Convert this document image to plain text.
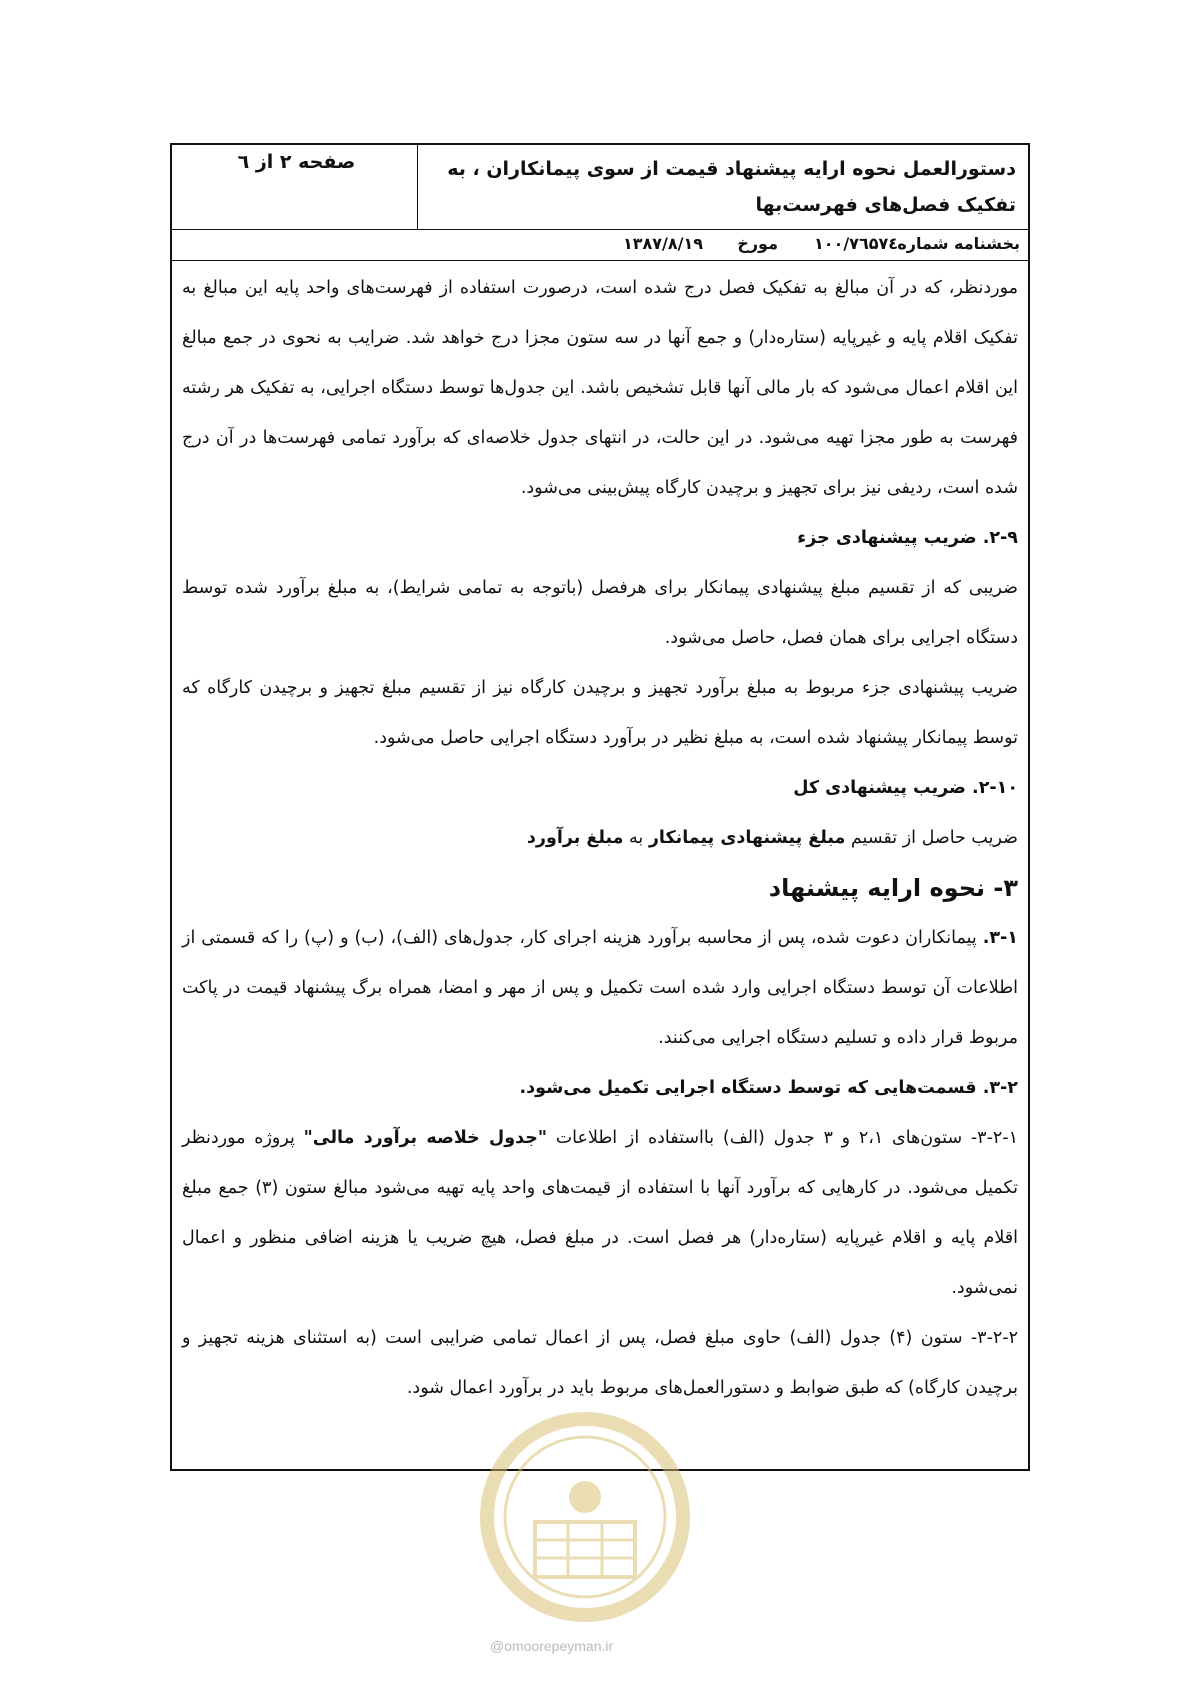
دستورالعمل نحوه ارایه پیشنهاد قیمت از سوی پیمانکاران ، به تفکیک فصل‌های فهرست‌بها
صفحه ۲ از ٦
بخشنامه شماره
۱۰۰/۷٦۵۷٤
مورخ
۱۳۸۷/۸/۱۹

موردنظر، که در آن مبالغ به تفکیک فصل درج شده است، درصورت استفاده از فهرست‌های واحد پایه این مبالغ به تفکیک اقلام پایه و غیرپایه (ستاره‌دار) و جمع آنها در سه ستون مجزا درج خواهد شد. ضرایب به نحوی در جمع مبالغ این اقلام اعمال می‌شود که بار مالی آنها قابل تشخیص باشد. این جدول‌ها توسط دستگاه اجرایی، به تفکیک هر رشته فهرست به طور مجزا تهیه می‌شود. در این حالت، در انتهای جدول خلاصه‌ای که برآورد تمامی فهرست‌ها در آن درج شده است، ردیفی نیز برای تجهیز و برچیدن کارگاه پیش‌بینی می‌شود.

۲-۹. ضریب پیشنهادی جزء

ضریبی که از تقسیم مبلغ پیشنهادی پیمانکار برای هرفصل (باتوجه به تمامی شرایط)، به مبلغ برآورد شده توسط دستگاه اجرایی برای همان فصل، حاصل می‌شود.

ضریب پیشنهادی جزء مربوط به مبلغ برآورد تجهیز و برچیدن کارگاه نیز از تقسیم مبلغ تجهیز و برچیدن کارگاه که توسط پیمانکار پیشنهاد شده است، به مبلغ نظیر در برآورد دستگاه اجرایی حاصل می‌شود.

۲-۱۰. ضریب پیشنهادی کل

ضریب حاصل از تقسیم مبلغ پیشنهادی پیمانکار به مبلغ برآورد

۳- نحوه ارایه پیشنهاد

۳-۱. پیمانکاران دعوت شده، پس از محاسبه برآورد هزینه اجرای کار، جدول‌های (الف)، (ب) و (پ) را که قسمتی از اطلاعات آن توسط دستگاه اجرایی وارد شده است تکمیل و پس از مهر و امضا، همراه برگ پیشنهاد قیمت در پاکت مربوط قرار داده و تسلیم دستگاه اجرایی می‌کنند.

۳-۲. قسمت‌هایی که توسط دستگاه اجرایی تکمیل می‌شود.

۳-۲-۱- ستون‌های ۲،۱ و ۳ جدول (الف) بااستفاده از اطلاعات "جدول خلاصه برآورد مالی" پروژه موردنظر تکمیل می‌شود. در کارهایی که برآورد آنها با استفاده از قیمت‌های واحد پایه تهیه می‌شود مبالغ ستون (۳) جمع مبلغ اقلام پایه و اقلام غیرپایه (ستاره‌دار) هر فصل است. در مبلغ فصل، هیچ ضریب یا هزینه اضافی منظور و اعمال نمی‌شود.

۳-۲-۲- ستون (۴) جدول (الف) حاوی مبلغ فصل، پس از اعمال تمامی ضرایبی است (به استثنای هزینه تجهیز و برچیدن کارگاه) که طبق ضوابط و دستورالعمل‌های مربوط باید در برآورد اعمال شود.

@omoorepeyman.ir
